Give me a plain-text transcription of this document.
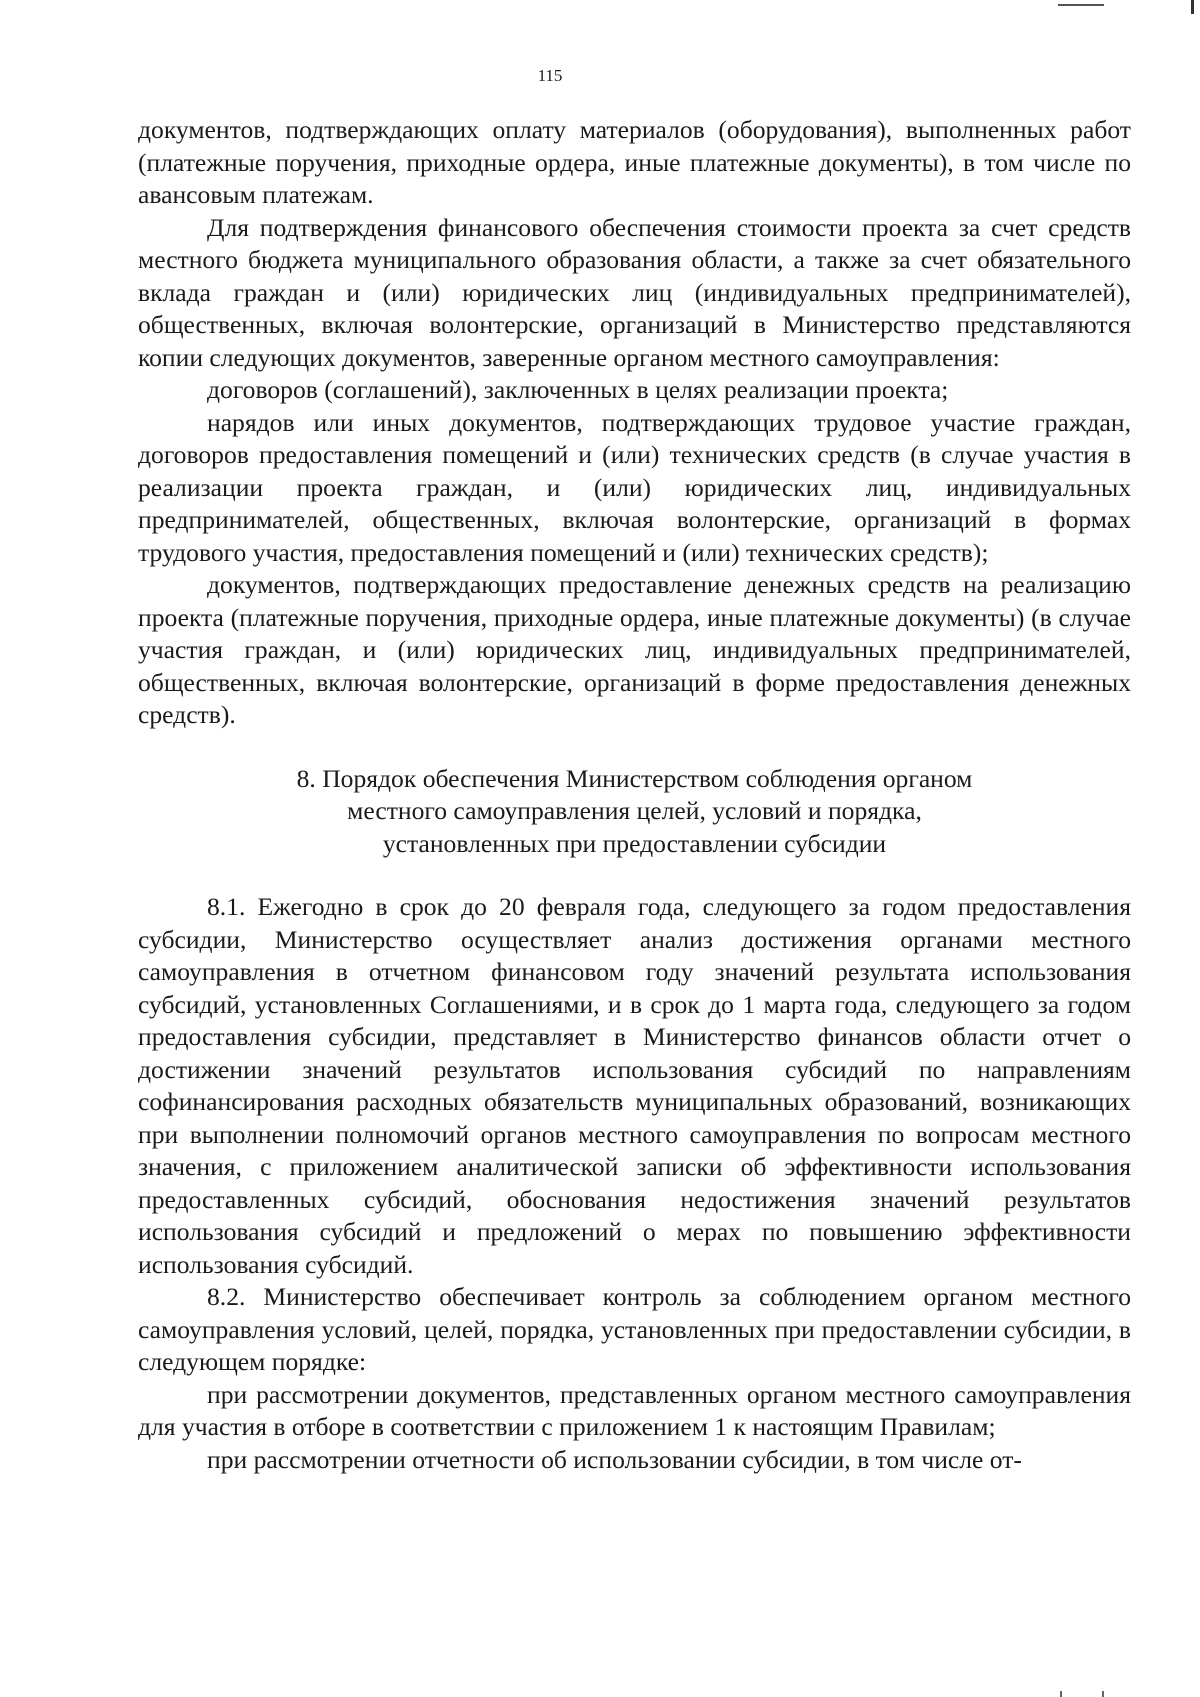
115

документов, подтверждающих оплату материалов (оборудования), выполненных работ (платежные поручения, приходные ордера, иные платежные документы), в том числе по авансовым платежам.

Для подтверждения финансового обеспечения стоимости проекта за счет средств местного бюджета муниципального образования области, а также за счет обязательного вклада граждан и (или) юридических лиц (индивидуальных предпринимателей), общественных, включая волонтерские, организаций в Министерство представляются копии следующих документов, заверенные органом местного самоуправления:

договоров (соглашений), заключенных в целях реализации проекта;

нарядов или иных документов, подтверждающих трудовое участие граждан, договоров предоставления помещений и (или) технических средств (в случае участия в реализации проекта граждан, и (или) юридических лиц, индивидуальных предпринимателей, общественных, включая волонтерские, организаций в формах трудового участия, предоставления помещений и (или) технических средств);

документов, подтверждающих предоставление денежных средств на реализацию проекта (платежные поручения, приходные ордера, иные платежные документы) (в случае участия граждан, и (или) юридических лиц, индивидуальных предпринимателей, общественных, включая волонтерские, организаций в форме предоставления денежных средств).

8. Порядок обеспечения Министерством соблюдения органом
местного самоуправления целей, условий и порядка,
установленных при предоставлении субсидии

8.1. Ежегодно в срок до 20 февраля года, следующего за годом предоставления субсидии, Министерство осуществляет анализ достижения органами местного самоуправления в отчетном финансовом году значений результата использования субсидий, установленных Соглашениями, и в срок до 1 марта года, следующего за годом предоставления субсидии, представляет в Министерство финансов области отчет о достижении значений результатов использования субсидий по направлениям софинансирования расходных обязательств муниципальных образований, возникающих при выполнении полномочий органов местного самоуправления по вопросам местного значения, с приложением аналитической записки об эффективности использования предоставленных субсидий, обоснования недостижения значений результатов использования субсидий и предложений о мерах по повышению эффективности использования субсидий.

8.2. Министерство обеспечивает контроль за соблюдением органом местного самоуправления условий, целей, порядка, установленных при предоставлении субсидии, в следующем порядке:

при рассмотрении документов, представленных органом местного самоуправления для участия в отборе в соответствии с приложением 1 к настоящим Правилам;

при рассмотрении отчетности об использовании субсидии, в том числе от-
